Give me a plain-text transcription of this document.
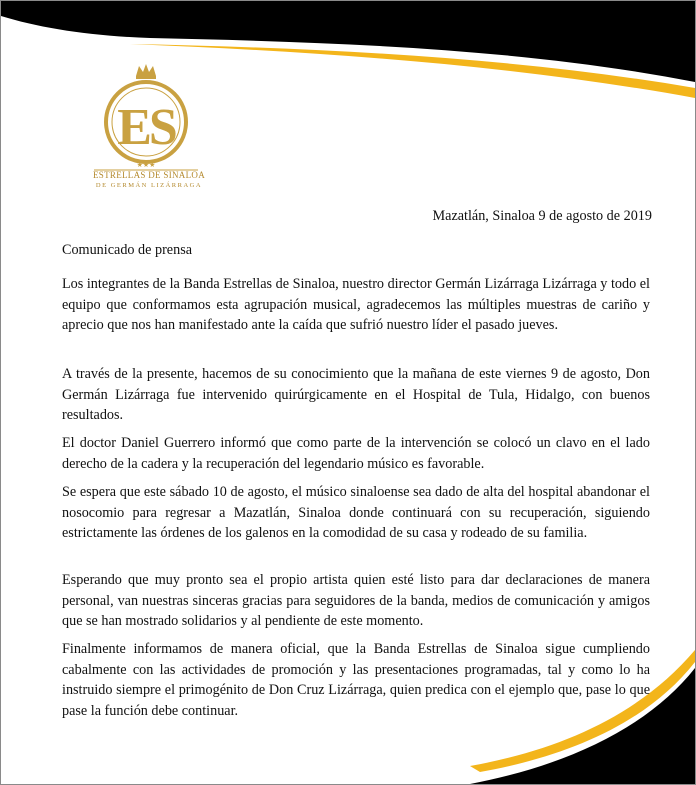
ES
★★★
ESTRELLAS DE SINALOA
DE GERMÁN LIZÁRRAGA
Mazatlán, Sinaloa 9 de agosto de 2019
Comunicado de prensa

Los integrantes de la Banda Estrellas de Sinaloa, nuestro director Germán Lizárraga Lizárraga y todo el equipo que conformamos esta agrupación musical, agradecemos las múltiples muestras de cariño y aprecio que nos han manifestado ante la caída que sufrió nuestro líder el pasado jueves.

A través de la presente, hacemos de su conocimiento que la mañana de este viernes 9 de agosto, Don Germán Lizárraga fue intervenido quirúrgicamente en el Hospital de Tula, Hidalgo, con buenos resultados.

El doctor Daniel Guerrero informó que como parte de la intervención se colocó un clavo en el lado derecho de la cadera y la recuperación del legendario músico es favorable.

Se espera que este sábado 10 de agosto, el músico sinaloense sea dado de alta del hospital abandonar el nosocomio para regresar a Mazatlán, Sinaloa donde continuará con su recuperación, siguiendo estrictamente las órdenes de los galenos en la comodidad de su casa y rodeado de su familia.

Esperando que muy pronto sea el propio artista quien esté listo para dar declaraciones de manera personal, van nuestras sinceras gracias para seguidores de la banda, medios de comunicación y amigos que se han mostrado solidarios y al pendiente de este momento.

Finalmente informamos de manera oficial, que la Banda Estrellas de Sinaloa sigue cumpliendo cabalmente con las actividades de promoción y las presentaciones programadas, tal y como lo ha instruido siempre el primogénito de Don Cruz Lizárraga, quien predica con el ejemplo que, pase lo que pase la función debe continuar.
